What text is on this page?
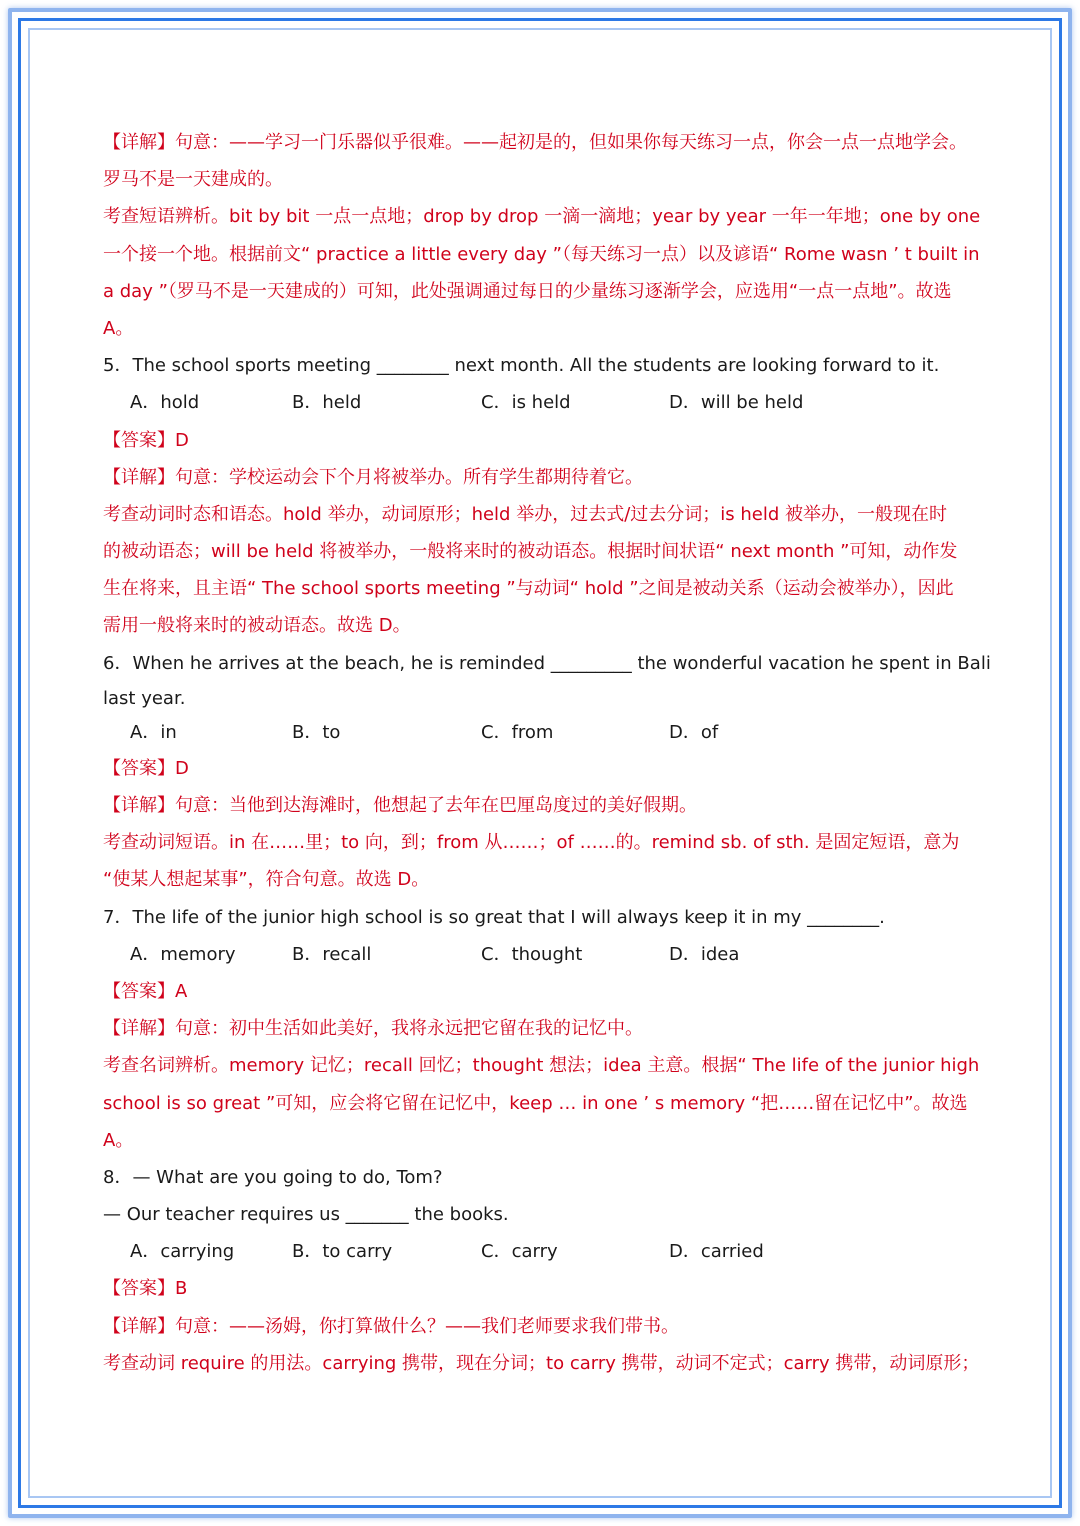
【详解】句意：——学习一门乐器似乎很难。——起初是的，但如果你每天练习一点，你会一点一点地学会。
罗马不是一天建成的。
考查短语辨析。bit by bit 一点一点地；drop by drop 一滴一滴地；year by year 一年一年地；one by one
一个接一个地。根据前文“ practice a little every day ”（每天练习一点）以及谚语“ Rome wasn ’ t built in
a day ”（罗马不是一天建成的）可知，此处强调通过每日的少量练习逐渐学会，应选用“一点一点地”。故选
A。
5．The school sports meeting ________ next month. All the students are looking forward to it.
A．hold	B．held	C．is held	D．will be held
【答案】D
【详解】句意：学校运动会下个月将被举办。所有学生都期待着它。
考查动词时态和语态。hold 举办，动词原形；held 举办，过去式/过去分词；is held 被举办，一般现在时
的被动语态；will be held 将被举办，一般将来时的被动语态。根据时间状语“ next month ”可知，动作发
生在将来，且主语“ The school sports meeting ”与动词“ hold ”之间是被动关系（运动会被举办），因此
需用一般将来时的被动语态。故选 D。
6．When he arrives at the beach, he is reminded _________ the wonderful vacation he spent in Bali
last year.
A．in	B．to	C．from	D．of
【答案】D
【详解】句意：当他到达海滩时，他想起了去年在巴厘岛度过的美好假期。
考查动词短语。in 在……里；to 向，到；from 从……；of ……的。remind sb. of sth. 是固定短语，意为
“使某人想起某事”，符合句意。故选 D。
7．The life of the junior high school is so great that I will always keep it in my ________.
A．memory	B．recall	C．thought	D．idea
【答案】A
【详解】句意：初中生活如此美好，我将永远把它留在我的记忆中。
考查名词辨析。memory 记忆；recall 回忆；thought 想法；idea 主意。根据“ The life of the junior high
school is so great ”可知，应会将它留在记忆中，keep … in one ’ s memory “把……留在记忆中”。故选
A。
8．— What are you going to do, Tom?
— Our teacher requires us _______ the books.
A．carrying	B．to carry	C．carry	D．carried
【答案】B
【详解】句意：——汤姆，你打算做什么？——我们老师要求我们带书。
考查动词 require 的用法。carrying 携带，现在分词；to carry 携带，动词不定式；carry 携带，动词原形；
